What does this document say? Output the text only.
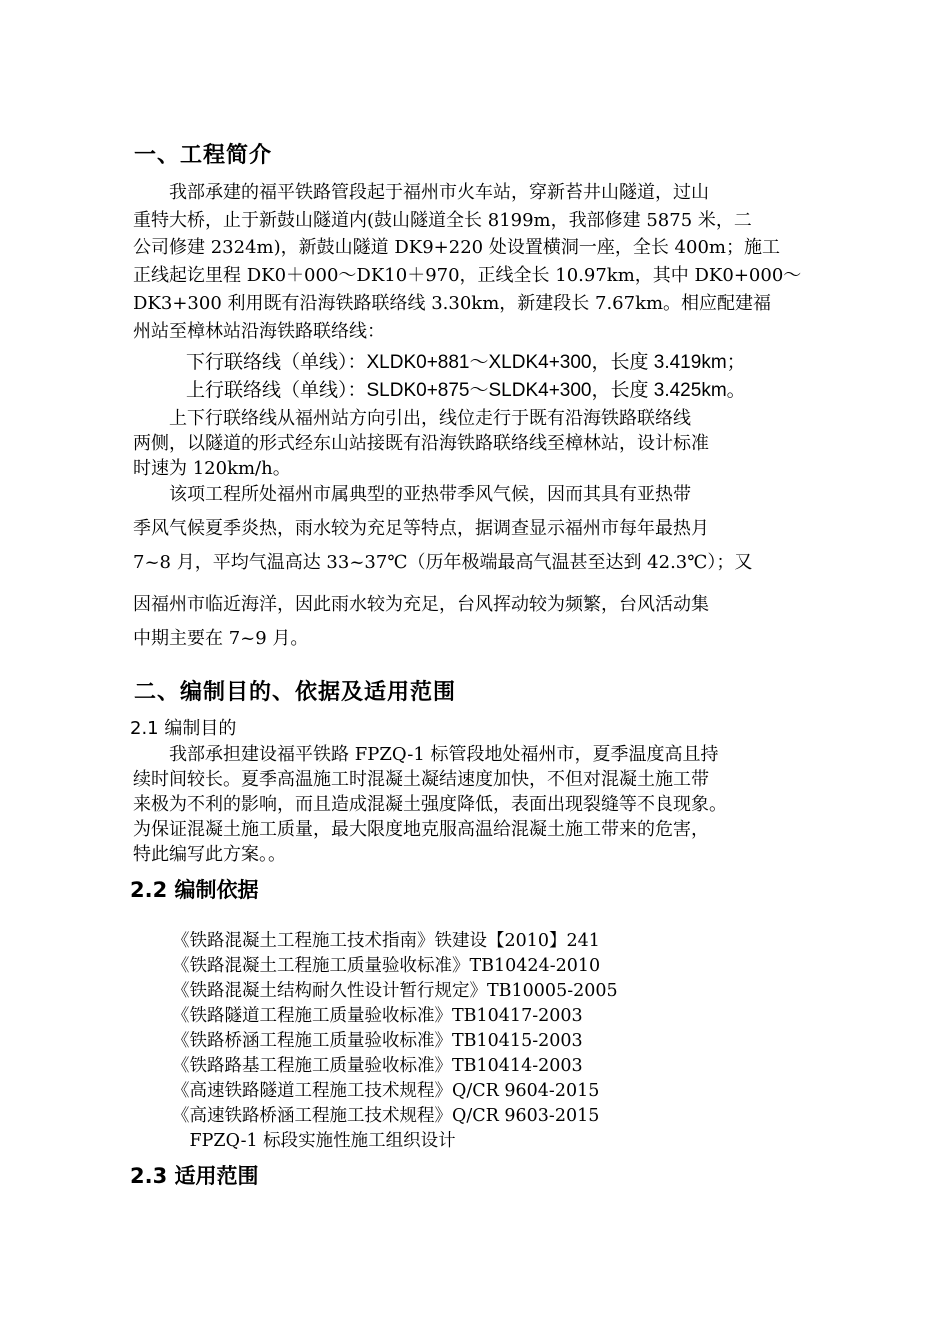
一、工程简介
　　我部承建的福平铁路管段起于福州市火车站，穿新苔井山隧道，过山
重特大桥，止于新鼓山隧道内(鼓山隧道全长 8199m，我部修建 5875 米，二
公司修建 2324m)，新鼓山隧道 DK9+220 处设置横洞一座，全长 400m；施工
正线起讫里程 DK0＋000～DK10＋970，正线全长 10.97km，其中 DK0+000～
DK3+300 利用既有沿海铁路联络线 3.30km，新建段长 7.67km。相应配建福
州站至樟林站沿海铁路联络线：
下行联络线（单线）：XLDK0+881～XLDK4+300，长度 3.419km；
上行联络线（单线）：SLDK0+875～SLDK4+300，长度 3.425km。
　　上下行联络线从福州站方向引出，线位走行于既有沿海铁路联络线
两侧，以隧道的形式经东山站接既有沿海铁路联络线至樟林站，设计标准
时速为 120km/h。
　　该项工程所处福州市属典型的亚热带季风气候，因而其具有亚热带
季风气候夏季炎热，雨水较为充足等特点，据调查显示福州市每年最热月
7~8 月，平均气温高达 33~37℃（历年极端最高气温甚至达到 42.3℃）；又
因福州市临近海洋，因此雨水较为充足，台风挥动较为频繁，台风活动集
中期主要在 7~9 月。
二、编制目的、依据及适用范围
2.1 编制目的
　　我部承担建设福平铁路 FPZQ-1 标管段地处福州市，夏季温度高且持
续时间较长。夏季高温施工时混凝土凝结速度加快，不但对混凝土施工带
来极为不利的影响，而且造成混凝土强度降低，表面出现裂缝等不良现象。
为保证混凝土施工质量，最大限度地克服高温给混凝土施工带来的危害，
特此编写此方案。。
2.2 编制依据
《铁路混凝土工程施工技术指南》铁建设【2010】241
《铁路混凝土工程施工质量验收标准》TB10424-2010
《铁路混凝土结构耐久性设计暂行规定》TB10005-2005
《铁路隧道工程施工质量验收标准》TB10417-2003
《铁路桥涵工程施工质量验收标准》TB10415-2003
《铁路路基工程施工质量验收标准》TB10414-2003
《高速铁路隧道工程施工技术规程》Q/CR 9604-2015
《高速铁路桥涵工程施工技术规程》Q/CR 9603-2015
　FPZQ-1 标段实施性施工组织设计
2.3 适用范围
